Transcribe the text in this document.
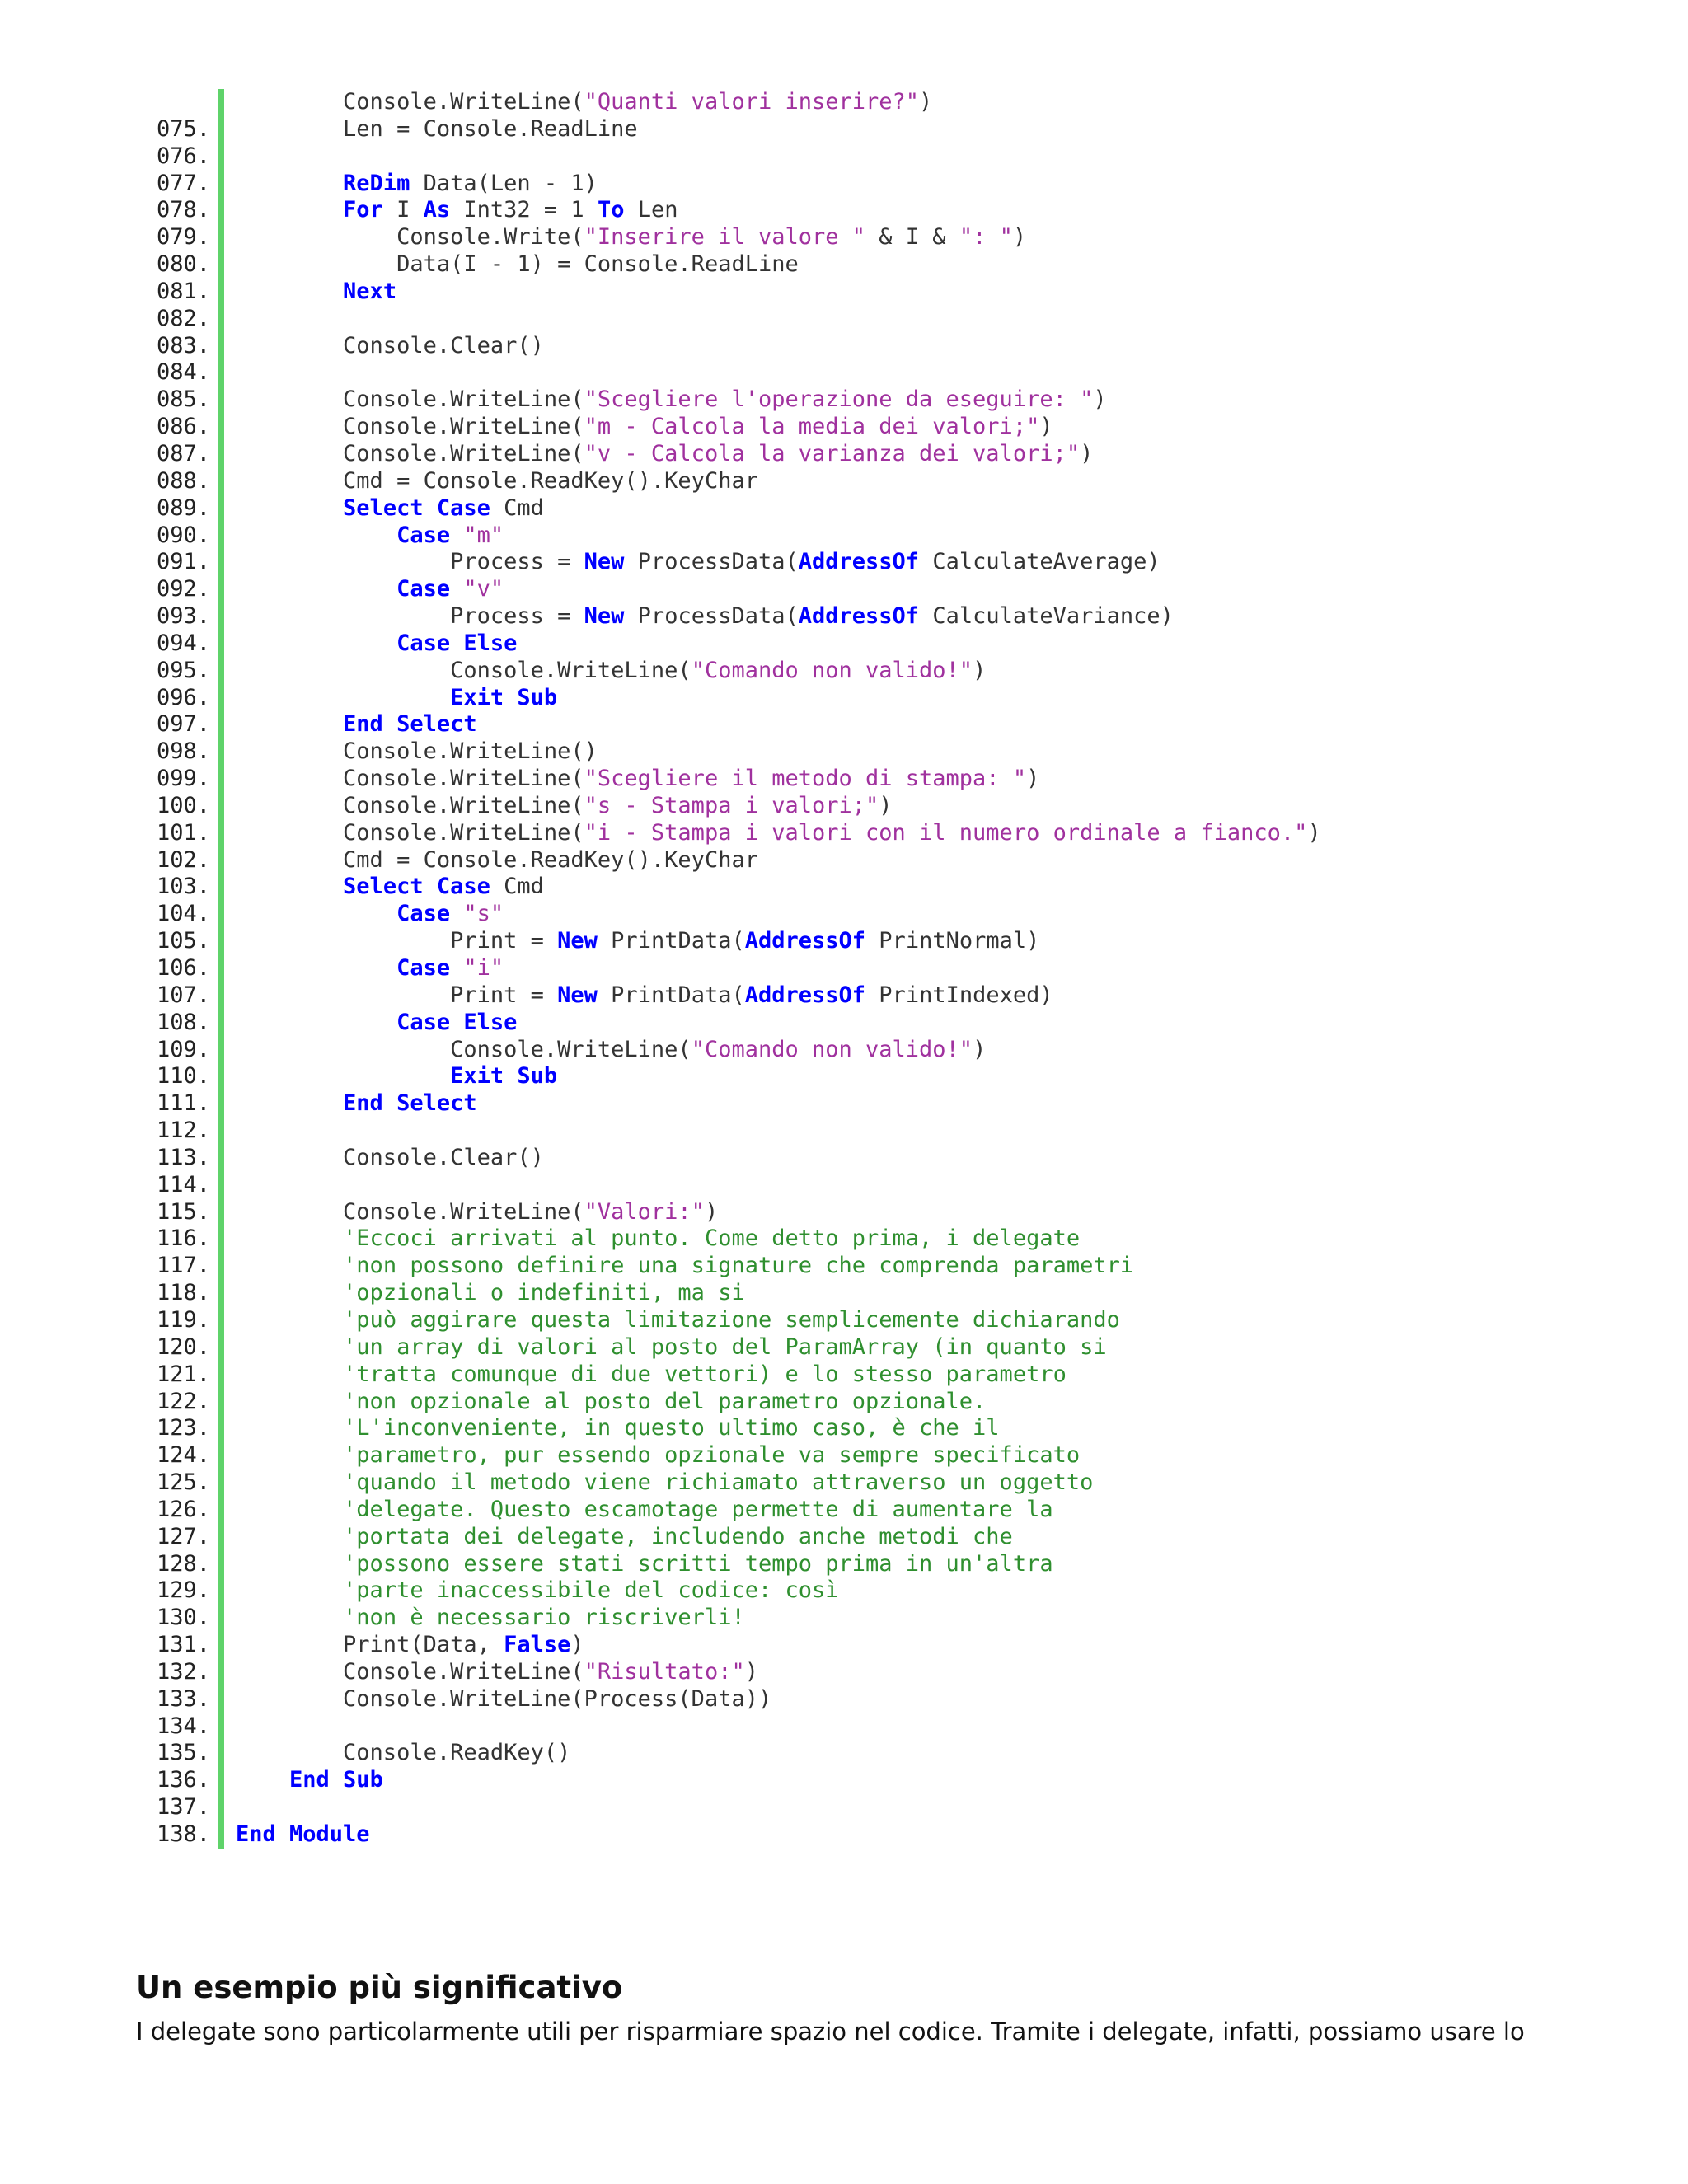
Console.WriteLine("Quanti valori inserire?")
075. Len = Console.ReadLine
076.
077.	ReDim Data(Len - 1)
078.	For I As Int32 = 1 To Len
079. Console.Write("Inserire il valore " & I & ": ")
080. Data(I - 1) = Console.ReadLine
081.	Next
082.
083. Console.Clear()
084.
085. Console.WriteLine("Scegliere l'operazione da eseguire: ")
086. Console.WriteLine("m - Calcola la media dei valori;")
087. Console.WriteLine("v - Calcola la varianza dei valori;")
088. Cmd = Console.ReadKey().KeyChar
089.	Select Case Cmd
090.	Case "m"
091. Process = New ProcessData(AddressOf CalculateAverage)
092.	Case "v"
093. Process = New ProcessData(AddressOf CalculateVariance)
094.	Case Else
095. Console.WriteLine("Comando non valido!")
096.	Exit Sub
097.	End Select
098. Console.WriteLine()
099. Console.WriteLine("Scegliere il metodo di stampa: ")
100. Console.WriteLine("s - Stampa i valori;")
101. Console.WriteLine("i - Stampa i valori con il numero ordinale a fianco.")
102. Cmd = Console.ReadKey().KeyChar
103.	Select Case Cmd
104.	Case "s"
105. Print = New PrintData(AddressOf PrintNormal)
106.	Case "i"
107. Print = New PrintData(AddressOf PrintIndexed)
108.	Case Else
109. Console.WriteLine("Comando non valido!")
110.	Exit Sub
111.	End Select
112.
113. Console.Clear()
114.
115. Console.WriteLine("Valori:")
116.	'Eccoci arrivati al punto. Come detto prima, i delegate
117.	'non possono definire una signature che comprenda parametri
118.	'opzionali o indefiniti, ma si
119.	'può aggirare questa limitazione semplicemente dichiarando
120.	'un array di valori al posto del ParamArray (in quanto si
121.	'tratta comunque di due vettori) e lo stesso parametro
122.	'non opzionale al posto del parametro opzionale.
123.	'L'inconveniente, in questo ultimo caso, è che il
124.	'parametro, pur essendo opzionale va sempre specificato
125.	'quando il metodo viene richiamato attraverso un oggetto
126.	'delegate. Questo escamotage permette di aumentare la
127.	'portata dei delegate, includendo anche metodi che
128.	'possono essere stati scritti tempo prima in un'altra
129.	'parte inaccessibile del codice: così
130.	'non è necessario riscriverli!
131. Print(Data, False)
132. Console.WriteLine("Risultato:")
133. Console.WriteLine(Process(Data))
134.
135. Console.ReadKey()
136.	End Sub
137.
138. End Module
Un esempio più significativo

I delegate sono particolarmente utili per risparmiare spazio nel codice. Tramite i delegate, infatti, possiamo usare lo
